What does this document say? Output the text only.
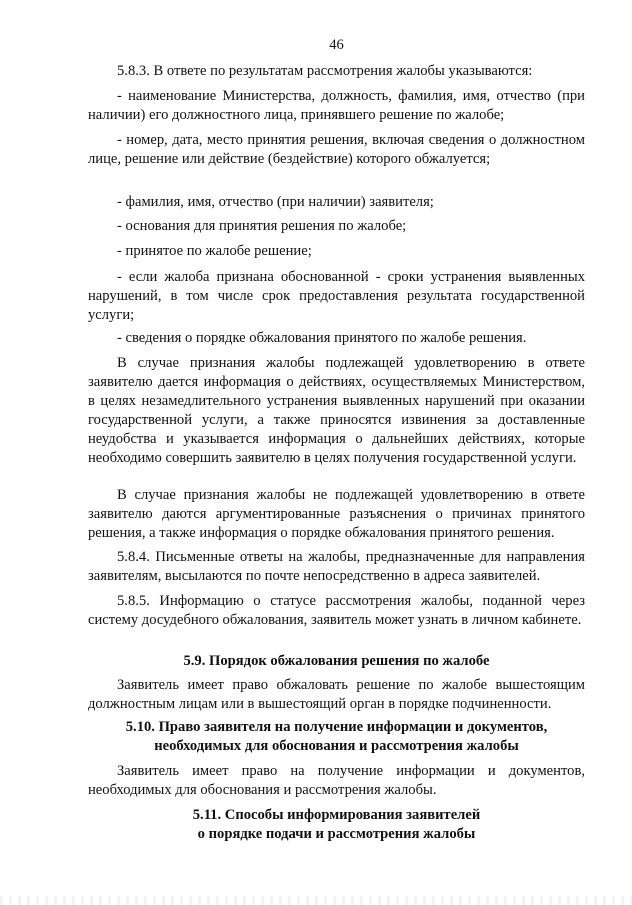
46

5.8.3. В ответе по результатам рассмотрения жалобы указываются:

- наименование Министерства, должность, фамилия, имя, отчество (при наличии) его должностного лица, принявшего решение по жалобе;

- номер, дата, место принятия решения, включая сведения о должностном лице, решение или действие (бездействие) которого обжалуется;

- фамилия, имя, отчество (при наличии) заявителя;

- основания для принятия решения по жалобе;

- принятое по жалобе решение;

- если жалоба признана обоснованной - сроки устранения выявленных нарушений, в том числе срок предоставления результата государственной услуги;

- сведения о порядке обжалования принятого по жалобе решения.

В случае признания жалобы подлежащей удовлетворению в ответе заявителю дается информация о действиях, осуществляемых Министерством, в целях незамедлительного устранения выявленных нарушений при оказании государственной услуги, а также приносятся извинения за доставленные неудобства и указывается информация о дальнейших действиях, которые необходимо совершить заявителю в целях получения государственной услуги.

В случае признания жалобы не подлежащей удовлетворению в ответе заявителю даются аргументированные разъяснения о причинах принятого решения, а также информация о порядке обжалования принятого решения.

5.8.4. Письменные ответы на жалобы, предназначенные для направления заявителям, высылаются по почте непосредственно в адреса заявителей.

5.8.5. Информацию о статусе рассмотрения жалобы, поданной через систему досудебного обжалования, заявитель может узнать в личном кабинете.

5.9. Порядок обжалования решения по жалобе

Заявитель имеет право обжаловать решение по жалобе вышестоящим должностным лицам или в вышестоящий орган в порядке подчиненности.

5.10. Право заявителя на получение информации и документов,
необходимых для обоснования и рассмотрения жалобы

Заявитель имеет право на получение информации и документов, необходимых для обоснования и рассмотрения жалобы.

5.11. Способы информирования заявителей
о порядке подачи и рассмотрения жалобы
